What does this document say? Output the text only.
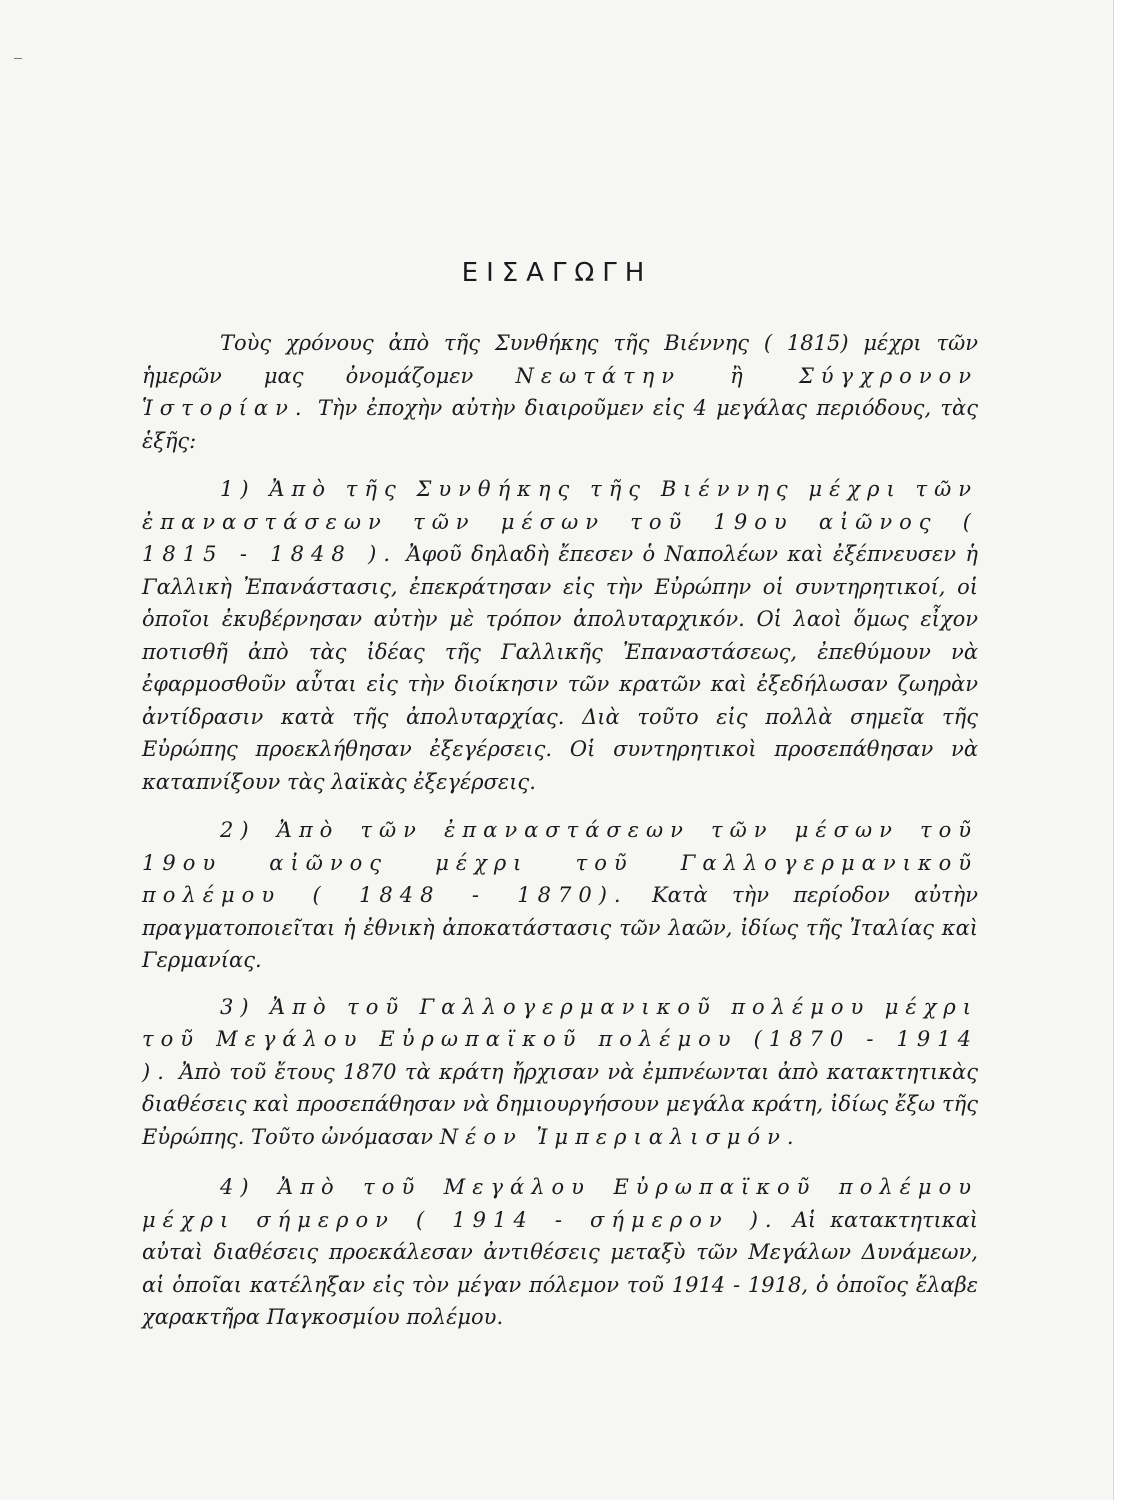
ΕΙΣΑΓΩΓΗ

Τοὺς χρόνους ἀπὸ τῆς Συνθήκης τῆς Βιέννης ( 1815) μέχρι τῶν ἡμερῶν μας ὀνομάζομεν Νεωτάτην ἢ Σύγχρονον Ἱστορίαν. Τὴν ἐποχὴν αὐτὴν διαιροῦμεν εἰς 4 μεγάλας περιόδους, τὰς ἑξῆς:

1) Ἀπὸ τῆς Συνθήκης τῆς Βιέννης μέχρι τῶν ἐπαναστάσεων τῶν μέσων τοῦ 19ου αἰῶνος ( 1815 - 1848 ). Ἀφοῦ δηλαδὴ ἔπεσεν ὁ Ναπολέων καὶ ἐξέπνευσεν ἡ Γαλλικὴ Ἐπανάστασις, ἐπεκράτησαν εἰς τὴν Εὐρώπην οἱ συντηρητικοί, οἱ ὁποῖοι ἐκυβέρνησαν αὐτὴν μὲ τρόπον ἀπολυταρχικόν. Οἱ λαοὶ ὅμως εἶχον ποτισθῆ ἀπὸ τὰς ἰδέας τῆς Γαλλικῆς Ἐπαναστάσεως, ἐπεθύμουν νὰ ἐφαρμοσθοῦν αὗται εἰς τὴν διοίκησιν τῶν κρατῶν καὶ ἐξεδήλωσαν ζωηρὰν ἀντίδρασιν κατὰ τῆς ἀπολυταρχίας. Διὰ τοῦτο εἰς πολλὰ σημεῖα τῆς Εὐρώπης προεκλήθησαν ἐξεγέρσεις. Οἱ συντηρητικοὶ προσεπάθησαν νὰ καταπνίξουν τὰς λαϊκὰς ἐξεγέρσεις.

2) Ἀπὸ τῶν ἐπαναστάσεων τῶν μέσων τοῦ 19ου αἰῶνος μέχρι τοῦ Γαλλογερμανικοῦ πολέμου ( 1848 - 1870). Κατὰ τὴν περίοδον αὐτὴν πραγματοποιεῖται ἡ ἐθνικὴ ἀποκατάστασις τῶν λαῶν, ἰδίως τῆς Ἰταλίας καὶ Γερμανίας.

3) Ἀπὸ τοῦ Γαλλογερμανικοῦ πολέμου μέχρι τοῦ Μεγάλου Εὐρωπαϊκοῦ πολέμου (1870 - 1914 ). Ἀπὸ τοῦ ἔτους 1870 τὰ κράτη ἤρχισαν νὰ ἐμπνέωνται ἀπὸ κατακτητικὰς διαθέσεις καὶ προσεπάθησαν νὰ δημιουργήσουν μεγάλα κράτη, ἰδίως ἔξω τῆς Εὐρώπης. Τοῦτο ὠνόμασαν Νέον Ἰμπεριαλισμόν.

4) Ἀπὸ τοῦ Μεγάλου Εὐρωπαϊκοῦ πολέμου μέχρι σήμερον ( 1914 - σήμερον ). Αἱ κατακτητικαὶ αὐταὶ διαθέσεις προεκάλεσαν ἀντιθέσεις μεταξὺ τῶν Μεγάλων Δυνάμεων, αἱ ὁποῖαι κατέληξαν εἰς τὸν μέγαν πόλεμον τοῦ 1914 - 1918, ὁ ὁποῖος ἔλαβε χαρακτῆρα Παγκοσμίου πολέμου.
